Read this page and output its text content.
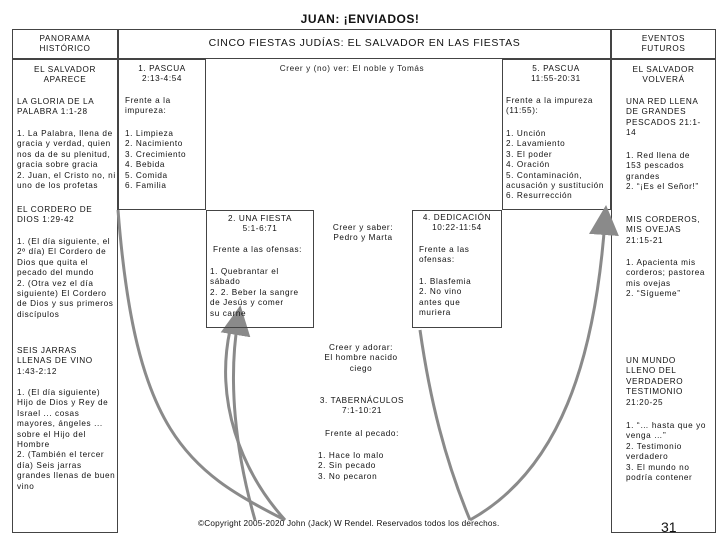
JUAN: ¡ENVIADOS!
PANORAMA
HISTÓRICO
EL SALVADOR
APARECE
LA GLORIA DE LA
PALABRA 1:1-28
1. La Palabra, llena de
gracia y verdad, quien
nos da de su plenitud,
gracia sobre gracia
2. Juan, el Cristo no, ni
uno de los profetas
EL CORDERO DE
DIOS 1:29-42
1. (El día siguiente, el
2º día) El Cordero de
Dios que quita el
pecado del mundo
2. (Otra vez el día
siguiente) El Cordero
de Dios y sus primeros
discípulos
SEIS JARRAS
LLENAS DE VINO
1:43-2:12
1. (El día siguiente)
Hijo de Dios y Rey de
Israel ... cosas
mayores, ángeles ...
sobre el Hijo del
Hombre
2. (También el tercer
día) Seis jarras
grandes llenas de buen
vino
CINCO FIESTAS JUDÍAS: EL SALVADOR EN LAS FIESTAS	EVENTOS
FUTUROS
EL SALVADOR
VOLVERÁ
UNA RED LLENA
DE GRANDES
PESCADOS 21:1-
14
1. Red llena de
153 pescados
grandes
2. “¡Es el Señor!”
MIS CORDEROS,
MIS OVEJAS
21:15-21
1. Apacienta mis
corderos; pastorea
mis ovejas
2. “Sígueme”
UN MUNDO
LLENO DEL
VERDADERO
TESTIMONIO
21:20-25
1. “… hasta que yo
venga …”
2. Testimonio
verdadero
3. El mundo no
podría contener
1. PASCUA
2:13-4:54
Frente a la
impureza:
1. Limpieza
2. Nacimiento
3. Crecimiento
4. Bebida
5. Comida
6. Familia
Creer y (no) ver: El noble y Tomás	5. PASCUA
11:55-20:31
Frente a la impureza
(11:55):
1. Unción
2. Lavamiento
3. El poder
4. Oración
5. Contaminación,
acusación y sustitución
6. Resurrección
2. UNA FIESTA
5:1-6:71
Frente a las ofensas:
1. Quebrantar el
sábado
2. 2. Beber la sangre
de Jesús y comer
su carne
Creer y saber:
Pedro y Marta
4. DEDICACIÓN
10:22-11:54
Frente a las
ofensas:
1. Blasfemia
2. No vino
antes que
muriera
Creer y adorar:
El hombre nacido
ciego
3. TABERNÁCULOS
7:1-10:21
Frente al pecado:
1. Hace lo malo
2. Sin pecado
3. No pecaron
©Copyright 2005-2020 John (Jack) W Rendel. Reservados todos los derechos.	31
